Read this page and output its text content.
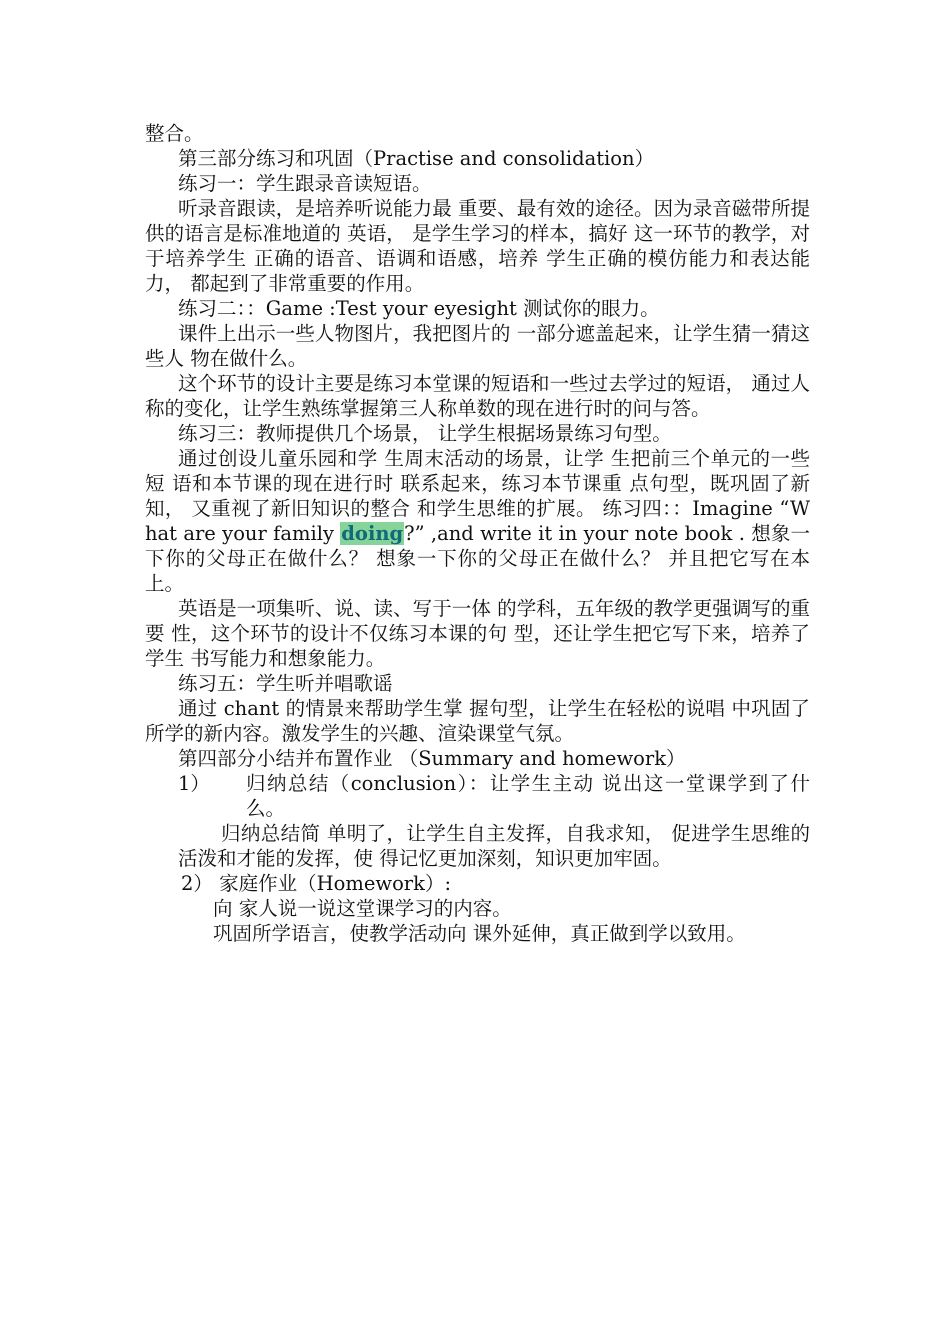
整合。

第三部分练习和巩固（Practise and consolidation）

练习一：学生跟录音读短语。

听录音跟读，是培养听说能力最 重要、最有效的途径。因为录音磁带所提供的语言是标准地道的 英语， 是学生学习的样本，搞好 这一环节的教学，对于培养学生 正确的语音、语调和语感，培养 学生正确的模仿能力和表达能力， 都起到了非常重要的作用。

练习二：：Game :Test your eyesight 测试你的眼力。

课件上出示一些人物图片，我把图片的 一部分遮盖起来，让学生猜一猜这些人 物在做什么。

这个环节的设计主要是练习本堂课的短语和一些过去学过的短语， 通过人称的变化，让学生熟练掌握第三人称单数的现在进行时的问与答。

练习三：教师提供几个场景， 让学生根据场景练习句型。

通过创设儿童乐园和学 生周末活动的场景，让学 生把前三个单元的一些短 语和本节课的现在进行时 联系起来，练习本节课重 点句型，既巩固了新知， 又重视了新旧知识的整合 和学生思维的扩展。 练习四：：Imagine “What are your family doing?” ,and write it in your note book . 想象一下你的父母正在做什么？ 想象一下你的父母正在做什么？ 并且把它写在本上。

英语是一项集听、说、读、写于一体 的学科，五年级的教学更强调写的重要 性，这个环节的设计不仅练习本课的句 型，还让学生把它写下来，培养了学生 书写能力和想象能力。

练习五：学生听并唱歌谣

通过 chant 的情景来帮助学生掌 握句型，让学生在轻松的说唱 中巩固了所学的新内容。激发学生的兴趣、渲染课堂气氛。

第四部分小结并布置作业 （Summary and homework）

1）	归纳总结（conclusion）：让学生主动 说出这一堂课学到了什么。

归纳总结简 单明了，让学生自主发挥，自我求知， 促进学生思维的活泼和才能的发挥，使 得记忆更加深刻，知识更加牢固。

2） 家庭作业（Homework）:

向 家人说一说这堂课学习的内容。

巩固所学语言，使教学活动向 课外延伸，真正做到学以致用。
